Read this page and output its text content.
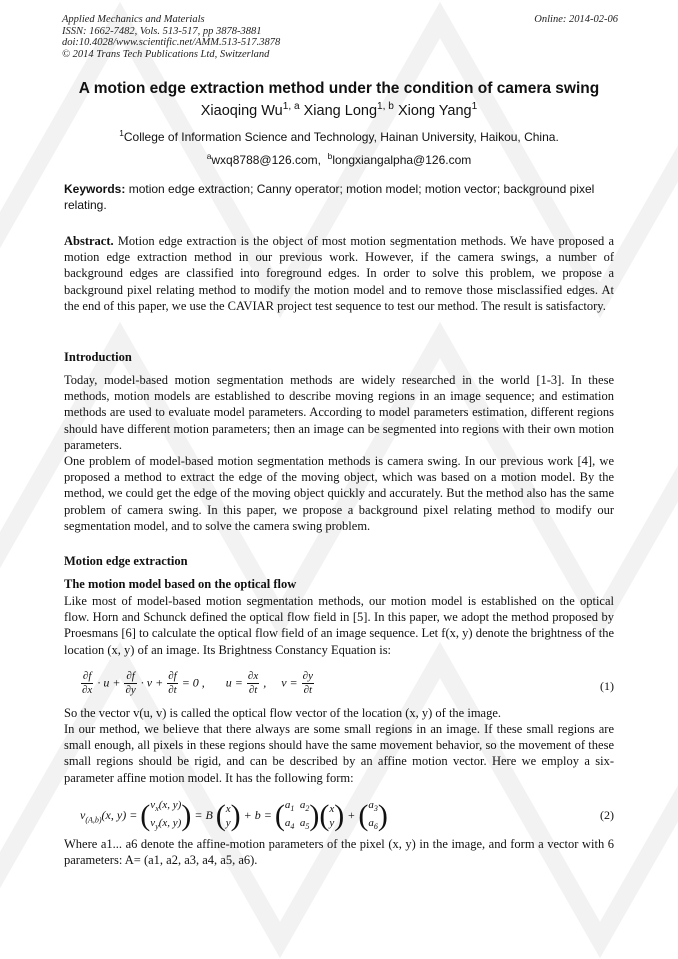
Applied Mechanics and Materials
ISSN: 1662-7482, Vols. 513-517, pp 3878-3881
doi:10.4028/www.scientific.net/AMM.513-517.3878
© 2014 Trans Tech Publications Ltd, Switzerland
Online: 2014-02-06
A motion edge extraction method under the condition of camera swing
Xiaoqing Wu$^{1, a}$ Xiang Long$^{1, b}$ Xiong Yang$^1$
$^1$College of Information Science and Technology, Hainan University, Haikou, China.
$^a$wxq8788@126.com, $^b$longxiangalpha@126.com
Keywords: motion edge extraction; Canny operator; motion model; motion vector; background pixel relating.
Abstract. Motion edge extraction is the object of most motion segmentation methods. We have proposed a motion edge extraction method in our previous work. However, if the camera swings, a number of background edges are classified into foreground edges. In order to solve this problem, we propose a background pixel relating method to modify the motion model and to remove those misclassified edges. At the end of this paper, we use the CAVIAR project test sequence to test our method. The result is satisfactory.
Introduction
Today, model-based motion segmentation methods are widely researched in the world [1-3]. In these methods, motion models are established to describe moving regions in an image sequence; and estimation methods are used to evaluate model parameters. According to model parameters estimation, different regions should have different motion parameters; then an image can be segmented into regions with their own motion parameters.
One problem of model-based motion segmentation methods is camera swing. In our previous work [4], we proposed a method to extract the edge of the moving object, which was based on a motion model. By the method, we could get the edge of the moving object quickly and accurately. But the method also has the same problem of camera swing. In this paper, we propose a background pixel relating method to modify our segmentation model, and to solve the camera swing problem.
Motion edge extraction
The motion model based on the optical flow
Like most of model-based motion segmentation methods, our motion model is established on the optical flow. Horn and Schunck defined the optical flow field in [5]. In this paper, we adopt the method proposed by Proesmans [6] to calculate the optical flow field of an image sequence. Let f(x, y) denote the brightness of the location (x, y) of an image. Its Brightness Constancy Equation is:
$\frac{\partial f}{\partial x} \cdot u + \frac{\partial f}{\partial y} \cdot v + \frac{\partial f}{\partial t} = 0$ ,       $u = \frac{\partial x}{\partial t}$ ,     $v = \frac{\partial y}{\partial t}$	(1)
So the vector v(u, v) is called the optical flow vector of the location (x, y) of the image.
In our method, we believe that there always are some small regions in an image. If these small regions are small enough, all pixels in these regions should have the same movement behavior, so the movement of these small regions should be rigid, and can be described by an affine motion vector. Here we employ a six-parameter affine motion model. It has the following form:
$v_{(A,b)}(x$, y) = ( $v_x(x$, y)
$v_y(x$, y) ) = B ( x
y ) + b = ( $a_1$  $a_2$
$a_4$  $a_5$ )( x
y ) + ( $a_3$
$a_6$ )	(2)
Where a1... a6 denote the affine-motion parameters of the pixel (x, y) in the image, and form a vector with 6 parameters: A= (a1, a2, a3, a4, a5, a6).
